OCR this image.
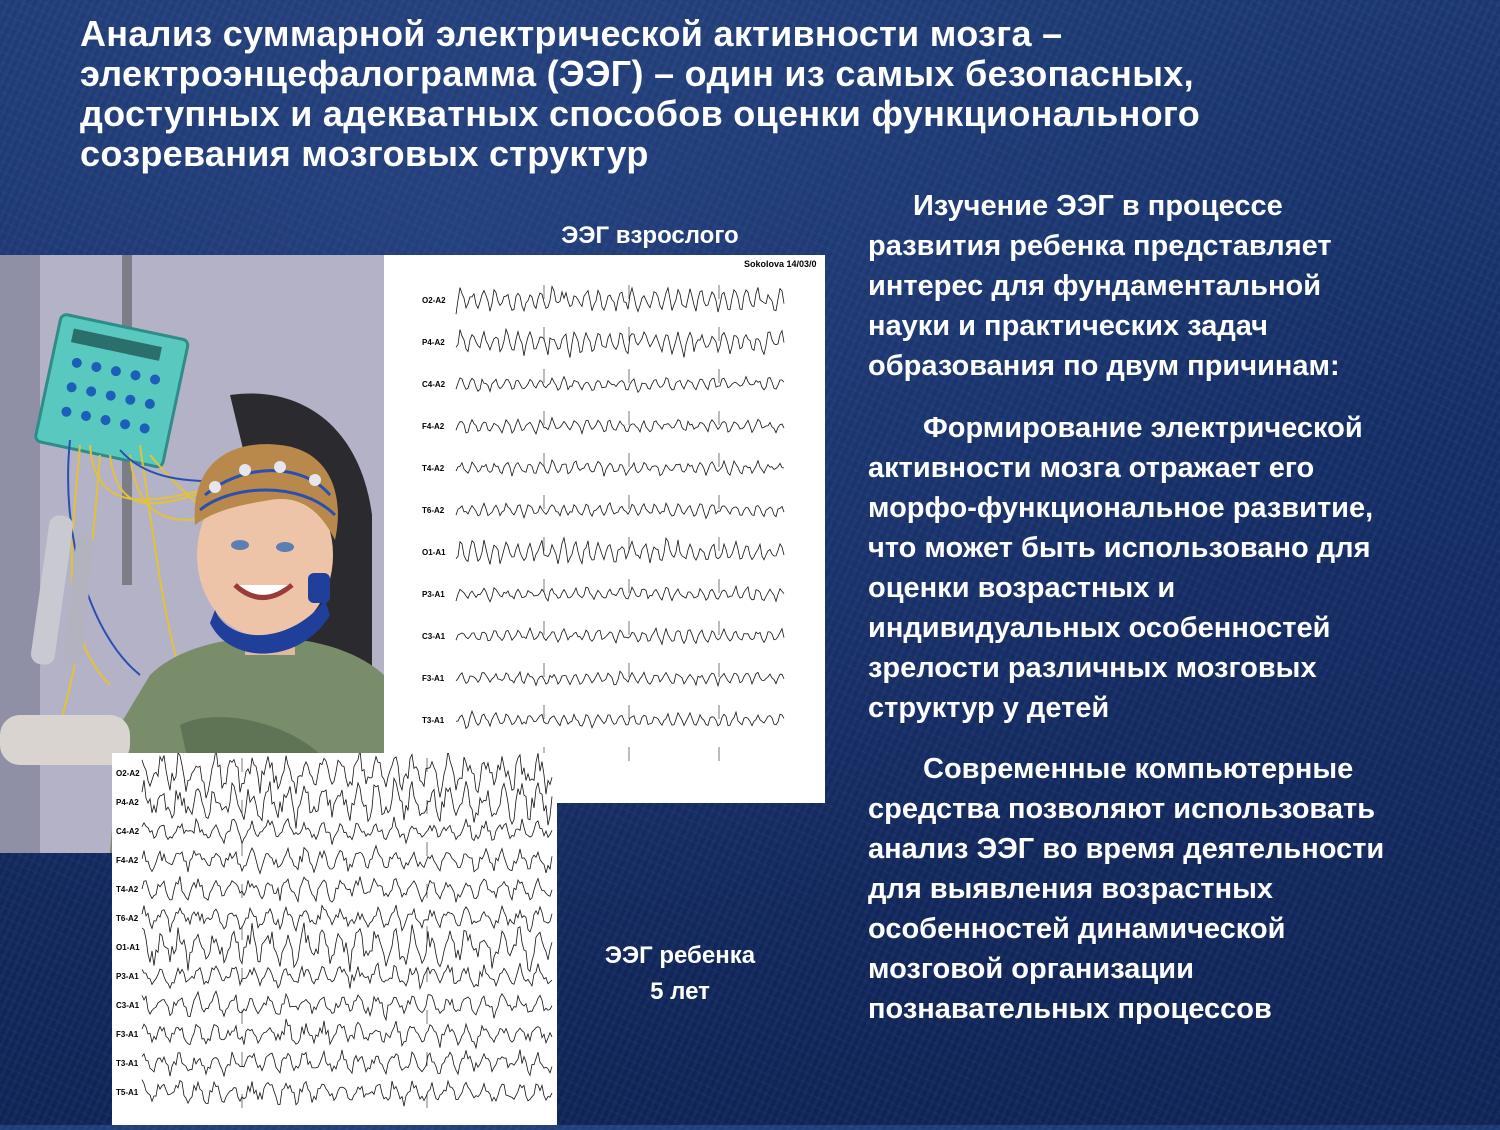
Анализ суммарной электрической активности мозга –
электроэнцефалограмма (ЭЭГ) – один из самых безопасных,
доступных и адекватных способов оценки функционального
созревания мозговых структур
ЭЭГ взрослого
Sokolova 14/03/0
O2-A2
P4-A2
C4-A2
F4-A2
T4-A2
T6-A2
O1-A1
P3-A1
C3-A1
F3-A1
T3-A1
O2-A2
P4-A2
C4-A2
F4-A2
T4-A2
T6-A2
O1-A1
P3-A1
C3-A1
F3-A1
T3-A1
T5-A1
ЭЭГ ребенка
5 лет
Изучение ЭЭГ в процессе
развития ребенка представляет
интерес для фундаментальной
науки и практических задач
образования по двум причинам:
Формирование электрической
активности мозга отражает его
морфо-функциональное развитие,
что может быть использовано для
оценки возрастных и
индивидуальных особенностей
зрелости различных мозговых
структур у детей
Современные компьютерные
средства позволяют использовать
анализ ЭЭГ во время деятельности
для выявления возрастных
особенностей динамической
мозговой организации
познавательных процессов
